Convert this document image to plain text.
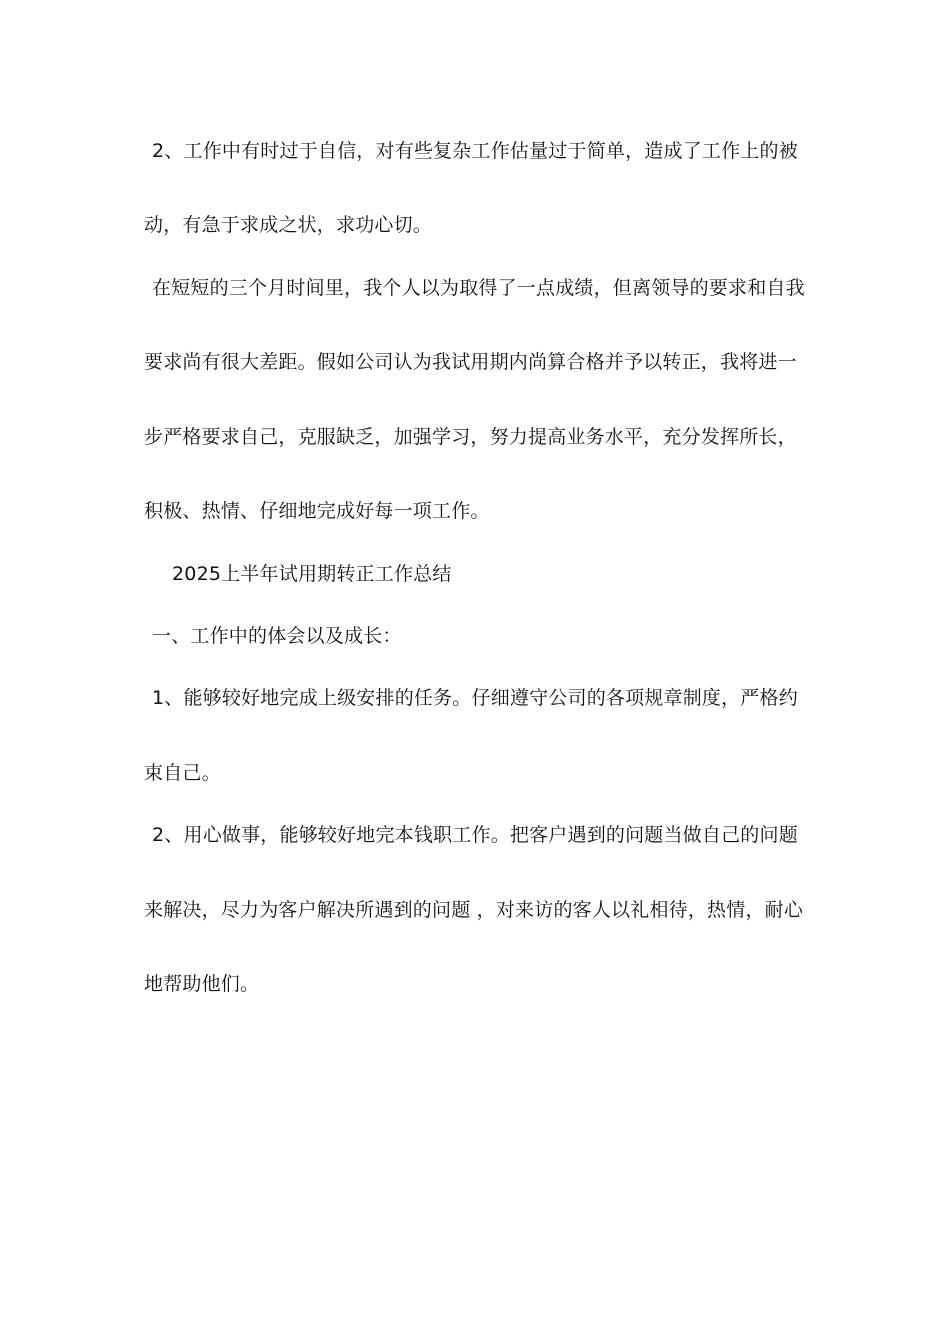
2、工作中有时过于自信，对有些复杂工作估量过于简单，造成了工作上的被
动，有急于求成之状，求功心切。
在短短的三个月时间里，我个人以为取得了一点成绩，但离领导的要求和自我
要求尚有很大差距。假如公司认为我试用期内尚算合格并予以转正，我将进一
步严格要求自己，克服缺乏，加强学习，努力提高业务水平，充分发挥所长，
积极、热情、仔细地完成好每一项工作。
2025上半年试用期转正工作总结
一、工作中的体会以及成长：
1、能够较好地完成上级安排的任务。仔细遵守公司的各项规章制度，严格约
束自己。
2、用心做事，能够较好地完本钱职工作。把客户遇到的问题当做自己的问题
来解决，尽力为客户解决所遇到的问题 ，对来访的客人以礼相待，热情，耐心
地帮助他们。
